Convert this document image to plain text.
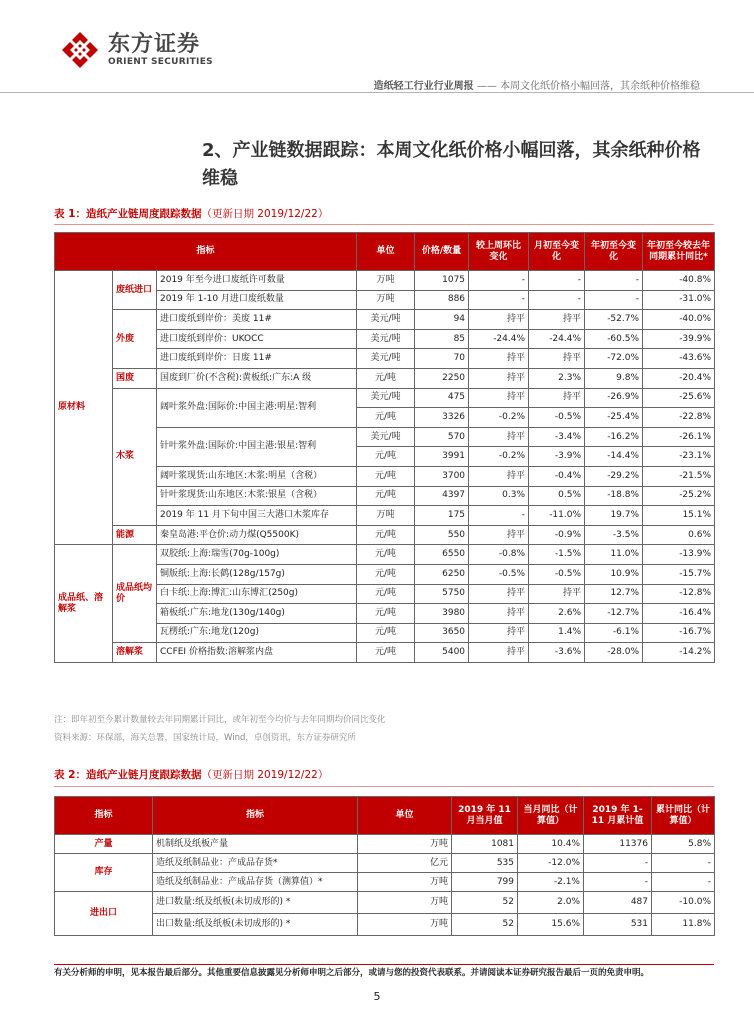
东方证券
ORIENT SECURITIES
造纸轻工行业行业周报 —— 本周文化纸价格小幅回落，其余纸种价格维稳
2、产业链数据跟踪：本周文化纸价格小幅回落，其余纸种价格维稳
表 1：造纸产业链周度跟踪数据（更新日期 2019/12/22）
指标			单位	价格/数量	较上周环比变化	月初至今变化	年初至今变化	年初至今较去年同期累计同比*
原材料	废纸进口	2019 年至今进口废纸许可数量	万吨	1075	-	-	-	-40.8%
		2019 年 1-10 月进口废纸数量	万吨	886	-	-	-	-31.0%
	外废	进口废纸到岸价：美废 11#	美元/吨	94	持平	持平	-52.7%	-40.0%
		进口废纸到岸价：UKOCC	美元/吨	85	-24.4%	-24.4%	-60.5%	-39.9%
		进口废纸到岸价：日废 11#	美元/吨	70	持平	持平	-72.0%	-43.6%
	国废	国废到厂价(不含税):黄板纸:广东:A 级	元/吨	2250	持平	2.3%	9.8%	-20.4%
	木浆	阔叶浆外盘:国际价:中国主港:明星:智利	美元/吨	475	持平	持平	-26.9%	-25.6%
			元/吨	3326	-0.2%	-0.5%	-25.4%	-22.8%
		针叶浆外盘:国际价:中国主港:银星:智利	美元/吨	570	持平	-3.4%	-16.2%	-26.1%
			元/吨	3991	-0.2%	-3.9%	-14.4%	-23.1%
		阔叶浆现货:山东地区:木浆:明星（含税）	元/吨	3700	持平	-0.4%	-29.2%	-21.5%
		针叶浆现货:山东地区:木浆:银星（含税）	元/吨	4397	0.3%	0.5%	-18.8%	-25.2%
		2019 年 11 月下旬中国三大港口木浆库存	万吨	175	-	-11.0%	19.7%	15.1%
	能源	秦皇岛港:平仓价:动力煤(Q5500K)	元/吨	550	持平	-0.9%	-3.5%	0.6%
成品纸、溶解浆	成品纸均价	双胶纸:上海:瑞雪(70g-100g)	元/吨	6550	-0.8%	-1.5%	11.0%	-13.9%
		铜版纸:上海:长鹤(128g/157g)	元/吨	6250	-0.5%	-0.5%	10.9%	-15.7%
		白卡纸:上海:博汇:山东博汇(250g)	元/吨	5750	持平	持平	12.7%	-12.8%
		箱板纸:广东:地龙(130g/140g)	元/吨	3980	持平	2.6%	-12.7%	-16.4%
		瓦楞纸:广东:地龙(120g)	元/吨	3650	持平	1.4%	-6.1%	-16.7%
	溶解浆	CCFEI 价格指数:溶解浆内盘	元/吨	5400	持平	-3.6%	-28.0%	-14.2%
注：即年初至今累计数量较去年同期累计同比，或年初至今均价与去年同期均价同比变化
资料来源：环保部，海关总署，国家统计局，Wind，卓创资讯，东方证券研究所
表 2：造纸产业链月度跟踪数据（更新日期 2019/12/22）
指标	指标	单位	2019 年 11 月当月值	当月同比（计算值）	2019 年 1-11 月累计值	累计同比（计算值）
产量	机制纸及纸板产量	万吨	1081	10.4%	11376	5.8%
库存	造纸及纸制品业：产成品存货*	亿元	535	-12.0%	-	-
	造纸及纸制品业：产成品存货（测算值）*	万吨	799	-2.1%	-	-
进出口	进口数量:纸及纸板(未切成形的) *	万吨	52	2.0%	487	-10.0%
	出口数量:纸及纸板(未切成形的) *	万吨	52	15.6%	531	11.8%
有关分析师的申明，见本报告最后部分。其他重要信息披露见分析师申明之后部分，或请与您的投资代表联系。并请阅读本证券研究报告最后一页的免责申明。
5
